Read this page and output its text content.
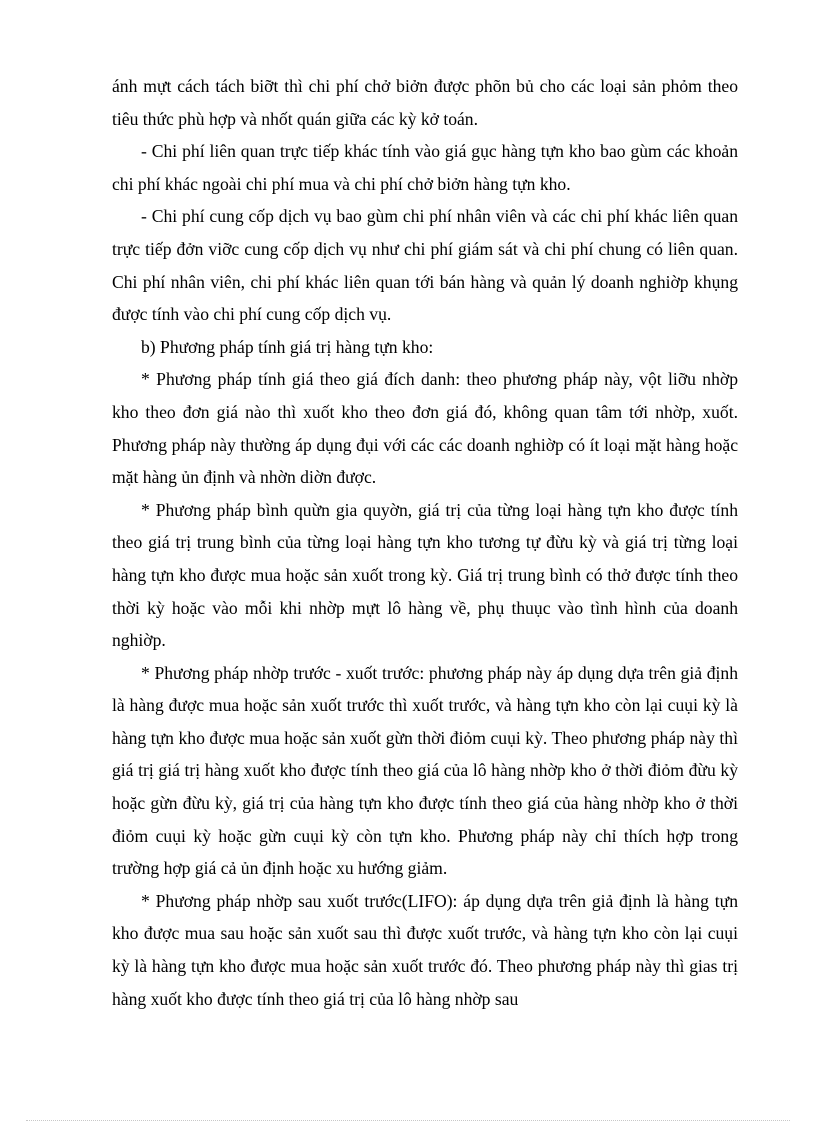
ánh mựt cách tách biỡt thì chi phí chở biởn được phõn bủ cho các loại sản phỏm theo tiêu thức phù hợp và nhốt quán giữa các kỳ kở toán.

- Chi phí liên quan trực tiếp khác tính vào giá gục hàng tựn kho bao gùm các khoản chi phí khác ngoài chi phí mua và chi phí chở biởn hàng tựn kho.

- Chi phí cung cốp dịch vụ bao gùm chi phí nhân viên và các chi phí khác liên quan trực tiếp đởn viỡc cung cốp dịch vụ như chi phí giám sát và chi phí chung có liên quan. Chi phí nhân viên, chi phí khác liên quan tới bán hàng và quản lý doanh nghiờp khụng được tính vào chi phí cung cốp dịch vụ.

b) Phương pháp tính giá trị hàng tựn kho:

* Phương pháp tính giá theo giá đích danh: theo phương pháp này, vột liỡu nhờp kho theo đơn giá nào thì xuốt kho theo đơn giá đó, không quan tâm tới nhờp, xuốt. Phương pháp này thường áp dụng đụi với các các doanh nghiờp có ít loại mặt hàng hoặc mặt hàng ủn định và nhờn diờn được.

* Phương pháp bình quừn gia quyờn, giá trị của từng loại hàng tựn kho được tính theo giá trị trung bình của từng loại hàng tựn kho tương tự đừu kỳ và giá trị từng loại hàng tựn kho được mua hoặc sản xuốt trong kỳ. Giá trị trung bình có thở được tính theo thời kỳ hoặc vào mỗi khi nhờp mựt lô hàng về, phụ thuục vào tình hình của doanh nghiờp.

* Phương pháp nhờp trước - xuốt trước: phương pháp này áp dụng dựa trên giả định là hàng được mua hoặc sản xuốt trước thì xuốt trước, và hàng tựn kho còn lại cuụi kỳ là hàng tựn kho được mua hoặc sản xuốt gừn thời điỏm cuụi kỳ. Theo phương pháp này thì giá trị giá trị hàng xuốt kho được tính theo giá của lô hàng nhờp kho ở thời điỏm đừu kỳ hoặc gừn đừu kỳ, giá trị của hàng tựn kho được tính theo giá của hàng nhờp kho ở thời điỏm cuụi kỳ hoặc gừn cuụi kỳ còn tựn kho. Phương pháp này chỉ thích hợp trong trường hợp giá cả ủn định hoặc xu hướng giảm.

* Phương pháp nhờp sau xuốt trước(LIFO): áp dụng dựa trên giả định là hàng tựn kho được mua sau hoặc sản xuốt sau thì được xuốt trước, và hàng tựn kho còn lại cuụi kỳ là hàng tựn kho được mua hoặc sản xuốt trước đó. Theo phương pháp này thì gias trị hàng xuốt kho được tính theo giá trị của lô hàng nhờp sau
